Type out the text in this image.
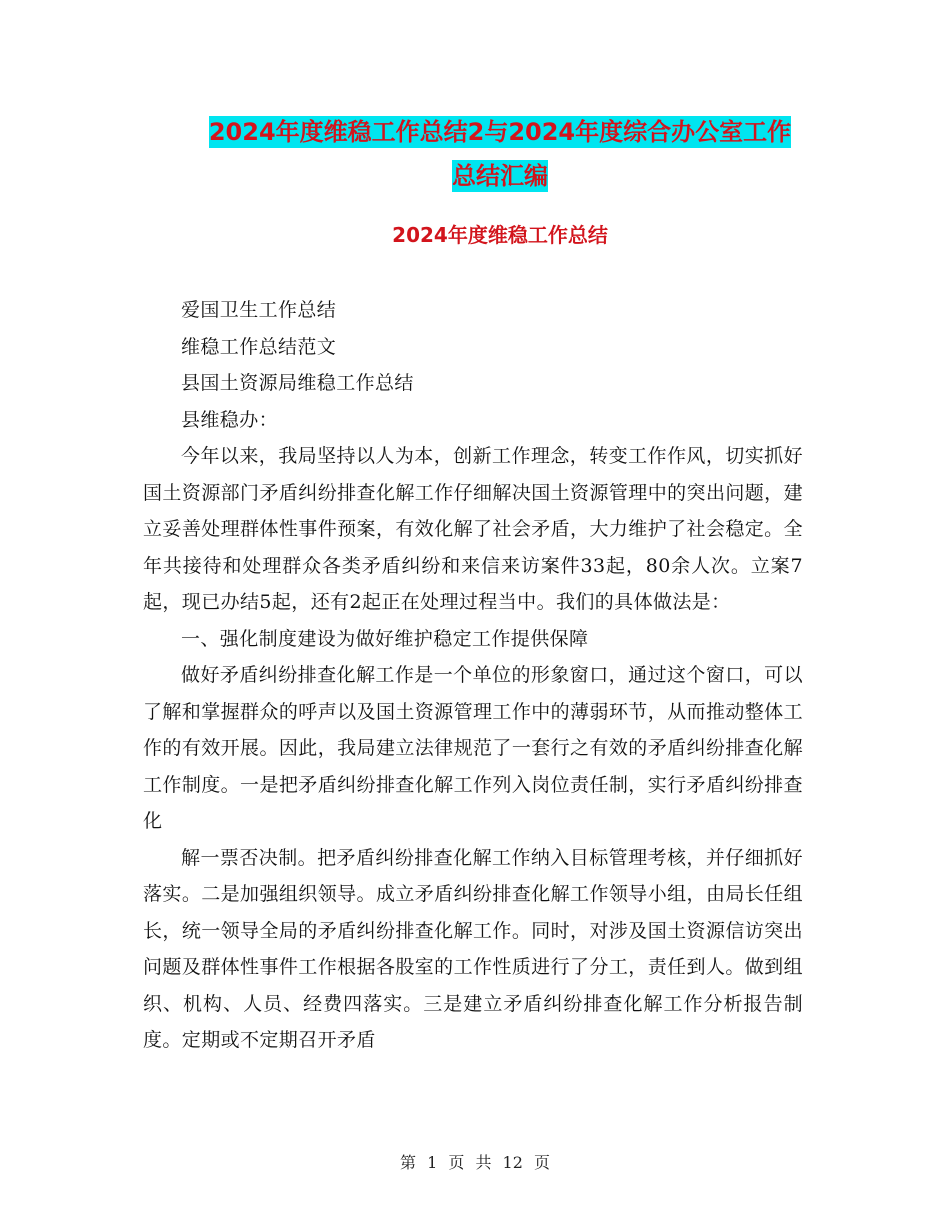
2024年度维稳工作总结2与2024年度综合办公室工作
总结汇编
2024年度维稳工作总结

爱国卫生工作总结

维稳工作总结范文

县国土资源局维稳工作总结

县维稳办：

今年以来，我局坚持以人为本，创新工作理念，转变工作作风，切实抓好国土资源部门矛盾纠纷排查化解工作仔细解决国土资源管理中的突出问题，建立妥善处理群体性事件预案，有效化解了社会矛盾，大力维护了社会稳定。全年共接待和处理群众各类矛盾纠纷和来信来访案件33起，80余人次。立案7起，现已办结5起，还有2起正在处理过程当中。我们的具体做法是：

一、强化制度建设为做好维护稳定工作提供保障

做好矛盾纠纷排查化解工作是一个单位的形象窗口，通过这个窗口，可以了解和掌握群众的呼声以及国土资源管理工作中的薄弱环节，从而推动整体工作的有效开展。因此，我局建立法律规范了一套行之有效的矛盾纠纷排查化解工作制度。一是把矛盾纠纷排查化解工作列入岗位责任制，实行矛盾纠纷排查化

解一票否决制。把矛盾纠纷排查化解工作纳入目标管理考核，并仔细抓好落实。二是加强组织领导。成立矛盾纠纷排查化解工作领导小组，由局长任组长，统一领导全局的矛盾纠纷排查化解工作。同时，对涉及国土资源信访突出问题及群体性事件工作根据各股室的工作性质进行了分工，责任到人。做到组织、机构、人员、经费四落实。三是建立矛盾纠纷排查化解工作分析报告制度。定期或不定期召开矛盾

第 1 页 共 12 页
